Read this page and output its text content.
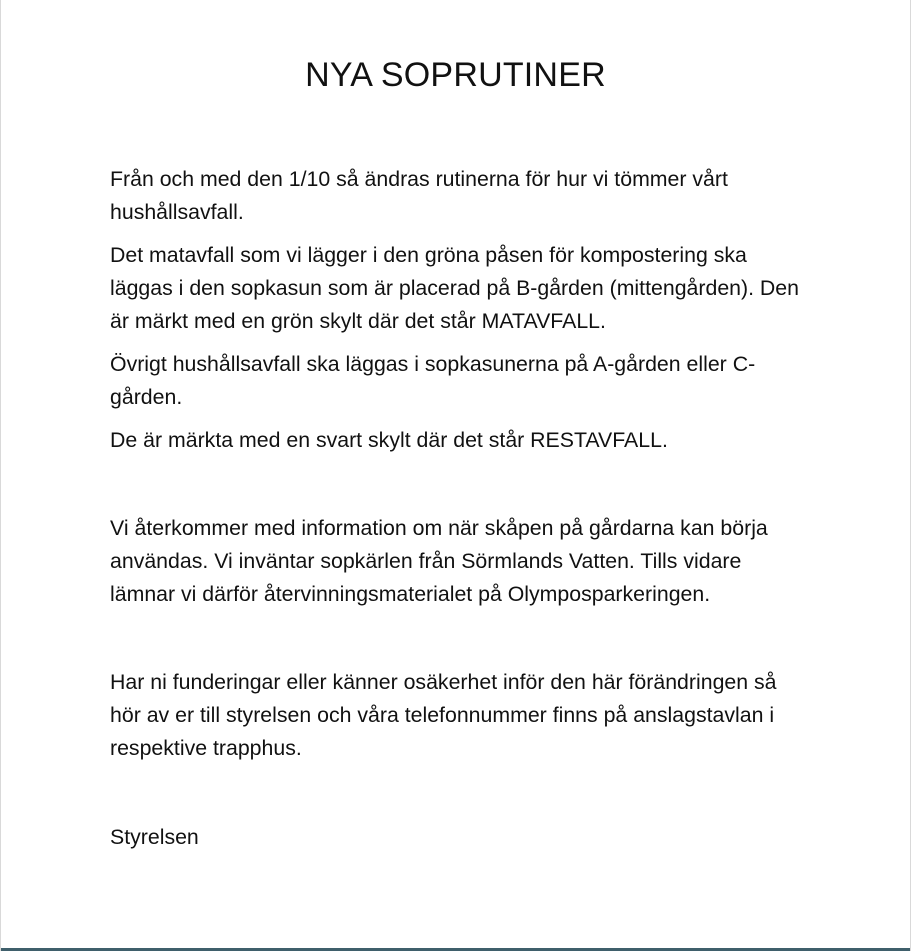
NYA SOPRUTINER

Från och med den 1/10 så ändras rutinerna för hur vi tömmer vårt hushållsavfall.

Det matavfall som vi lägger i den gröna påsen för kompostering ska läggas i den sopkasun som är placerad på B-gården (mittengården). Den är märkt med en grön skylt där det står MATAVFALL.

Övrigt hushållsavfall ska läggas i sopkasunerna på A-gården eller C-gården.

De är märkta med en svart skylt där det står RESTAVFALL.

Vi återkommer med information om när skåpen på gårdarna kan börja användas. Vi inväntar sopkärlen från Sörmlands Vatten. Tills vidare lämnar vi därför återvinningsmaterialet på Olymposparkeringen.

Har ni funderingar eller känner osäkerhet inför den här förändringen så hör av er till styrelsen och våra telefonnummer finns på anslagstavlan i respektive trapphus.

Styrelsen
